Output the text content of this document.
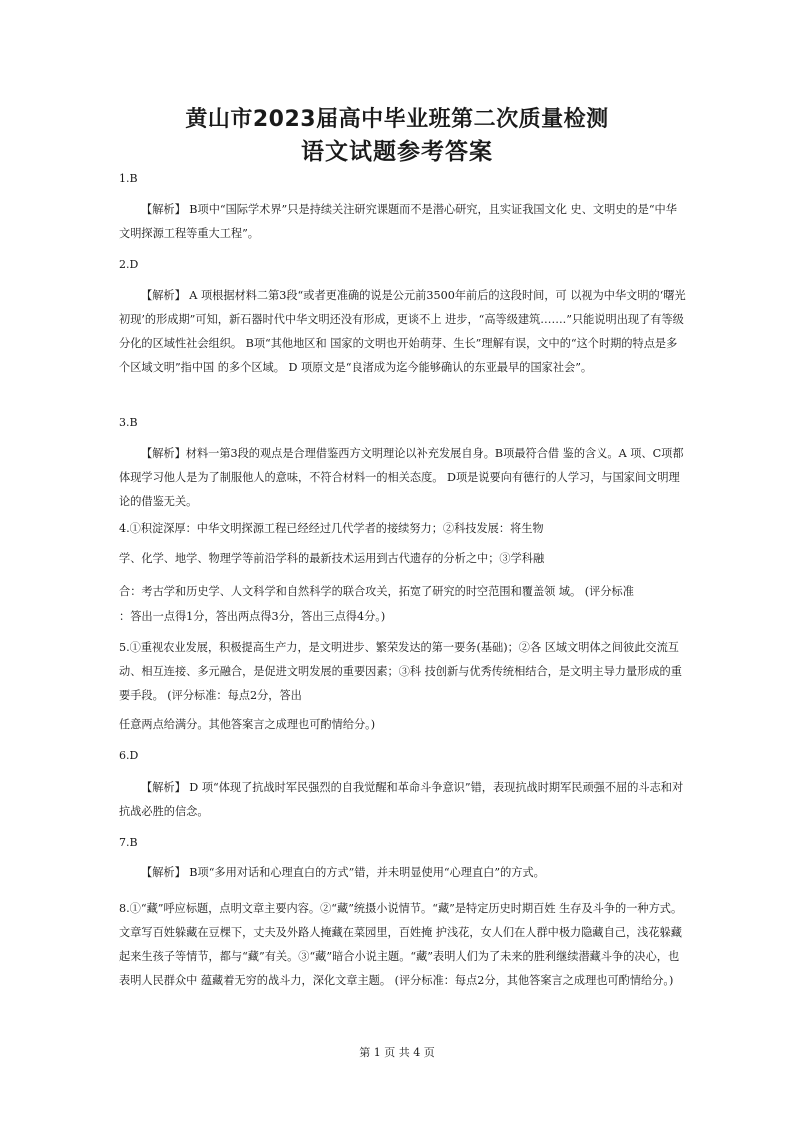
黄山市2023届高中毕业班第二次质量检测
语文试题参考答案
1.B
【解析】 B项中“国际学术界”只是持续关注研究课题而不是潜心研究，且实证我国文化 史、文明史的是“中华文明探源工程等重大工程”。
2.D
【解析】 A 项根据材料二第3段“或者更准确的说是公元前3500年前后的这段时间，可 以视为中华文明的‘曙光初现’的形成期”可知，新石器时代中华文明还没有形成，更谈不上 进步，“高等级建筑…….”只能说明出现了有等级分化的区域性社会组织。 B项“其他地区和 国家的文明也开始萌芽、生长”理解有误，文中的“这个时期的特点是多个区域文明”指中国 的多个区域。 D 项原文是“良渚成为迄今能够确认的东亚最早的国家社会”。
3.B
【解析】材料一第3段的观点是合理借鉴西方文明理论以补充发展自身。B项最符合借 鉴的含义。A 项、C项都体现学习他人是为了制服他人的意味，不符合材料一的相关态度。 D项是说要向有德行的人学习，与国家间文明理论的借鉴无关。
4.①积淀深厚：中华文明探源工程已经经过几代学者的接续努力；②科技发展：将生物
学、化学、地学、物理学等前沿学科的最新技术运用到古代遗存的分析之中；③学科融
合：考古学和历史学、人文科学和自然科学的联合攻关，拓宽了研究的时空范围和覆盖领 域。 (评分标准
：答出一点得1分，答出两点得3分，答出三点得4分。)
5.①重视农业发展，积极提高生产力，是文明进步、繁荣发达的第一要务(基础)；②各 区域文明体之间彼此交流互动、相互连接、多元融合，是促进文明发展的重要因素；③科 技创新与优秀传统相结合，是文明主导力量形成的重要手段。 (评分标准：每点2分，答出
任意两点给满分。其他答案言之成理也可酌情给分。)
6.D
【解析】 D 项“体现了抗战时军民强烈的自我觉醒和革命斗争意识”错，表现抗战时期军民顽强不屈的斗志和对抗战必胜的信念。
7.B
【解析】 B项“多用对话和心理直白的方式”错，并未明显使用“心理直白”的方式。
8.①“藏”呼应标题，点明文章主要内容。②“藏”统摄小说情节。“藏”是特定历史时期百姓 生存及斗争的一种方式。文章写百姓躲藏在豆棵下，丈夫及外路人掩藏在菜园里，百姓掩 护浅花，女人们在人群中极力隐藏自己，浅花躲藏起来生孩子等情节，都与“藏”有关。③“藏”暗合小说主题。“藏”表明人们为了未来的胜利继续潜藏斗争的决心，也表明人民群众中 蕴藏着无穷的战斗力，深化文章主题。 (评分标准：每点2分，其他答案言之成理也可酌情给分。)
第 1 页 共 4 页
